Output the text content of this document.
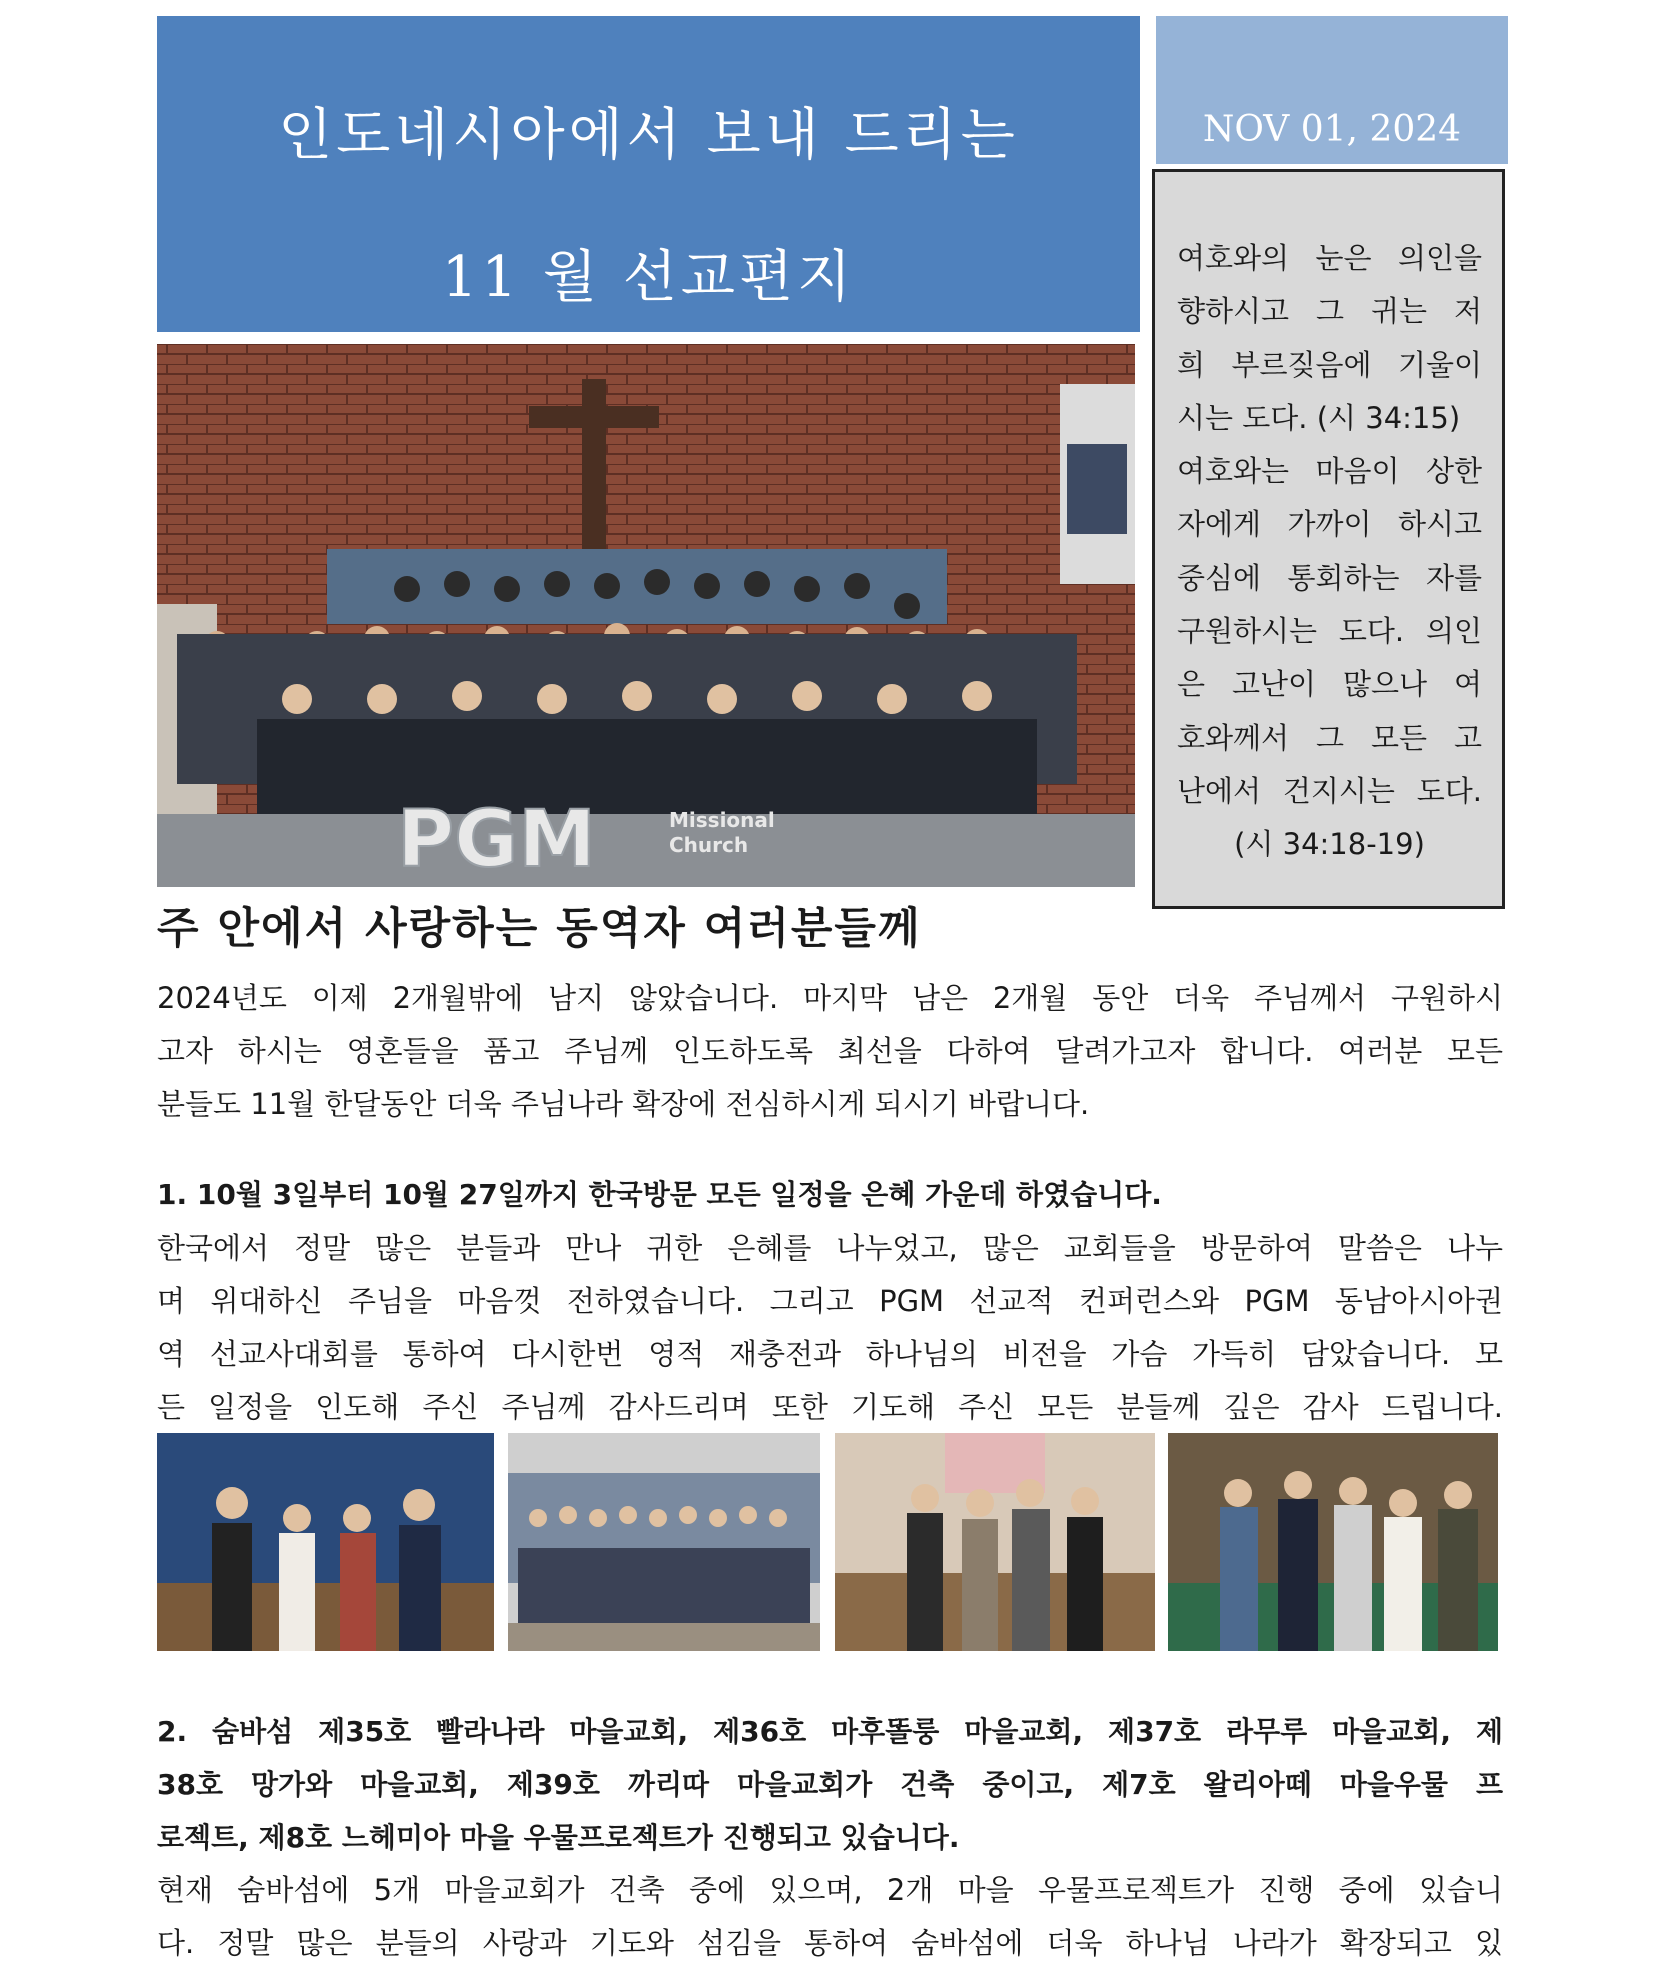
인도네시아에서 보내 드리는
11 월 선교편지
NOV 01, 2024
여호와의 눈은 의인을
향하시고 그 귀는 저
희 부르짖음에 기울이
시는 도다. (시 34:15)
여호와는 마음이 상한
자에게 가까이 하시고
중심에 통회하는 자를
구원하시는 도다. 의인
은 고난이 많으나 여
호와께서 그 모든 고
난에서 건지시는 도다.
(시 34:18-19)
PGM	Missional
Church
주 안에서 사랑하는 동역자 여러분들께
2024년도 이제 2개월밖에 남지 않았습니다. 마지막 남은 2개월 동안 더욱 주님께서 구원하시
고자 하시는 영혼들을 품고 주님께 인도하도록 최선을 다하여 달려가고자 합니다. 여러분 모든
분들도 11월 한달동안 더욱 주님나라 확장에 전심하시게 되시기 바랍니다.
1. 10월 3일부터 10월 27일까지 한국방문 모든 일정을 은혜 가운데 하였습니다.
한국에서 정말 많은 분들과 만나 귀한 은혜를 나누었고, 많은 교회들을 방문하여 말씀은 나누
며 위대하신 주님을 마음껏 전하였습니다. 그리고 PGM 선교적 컨퍼런스와 PGM 동남아시아권
역 선교사대회를 통하여 다시한번 영적 재충전과 하나님의 비전을 가슴 가득히 담았습니다. 모
든 일정을 인도해 주신 주님께 감사드리며 또한 기도해 주신 모든 분들께 깊은 감사 드립니다.
2. 숨바섬 제35호 빨라나라 마을교회, 제36호 마후똘룽 마을교회, 제37호 라무루 마을교회, 제
38호 망가와 마을교회, 제39호 까리따 마을교회가 건축 중이고, 제7호 왈리아떼 마을우물 프
로젝트, 제8호 느헤미아 마을 우물프로젝트가 진행되고 있습니다.
현재 숨바섬에 5개 마을교회가 건축 중에 있으며, 2개 마을 우물프로젝트가 진행 중에 있습니
다. 정말 많은 분들의 사랑과 기도와 섬김을 통하여 숨바섬에 더욱 하나님 나라가 확장되고 있
